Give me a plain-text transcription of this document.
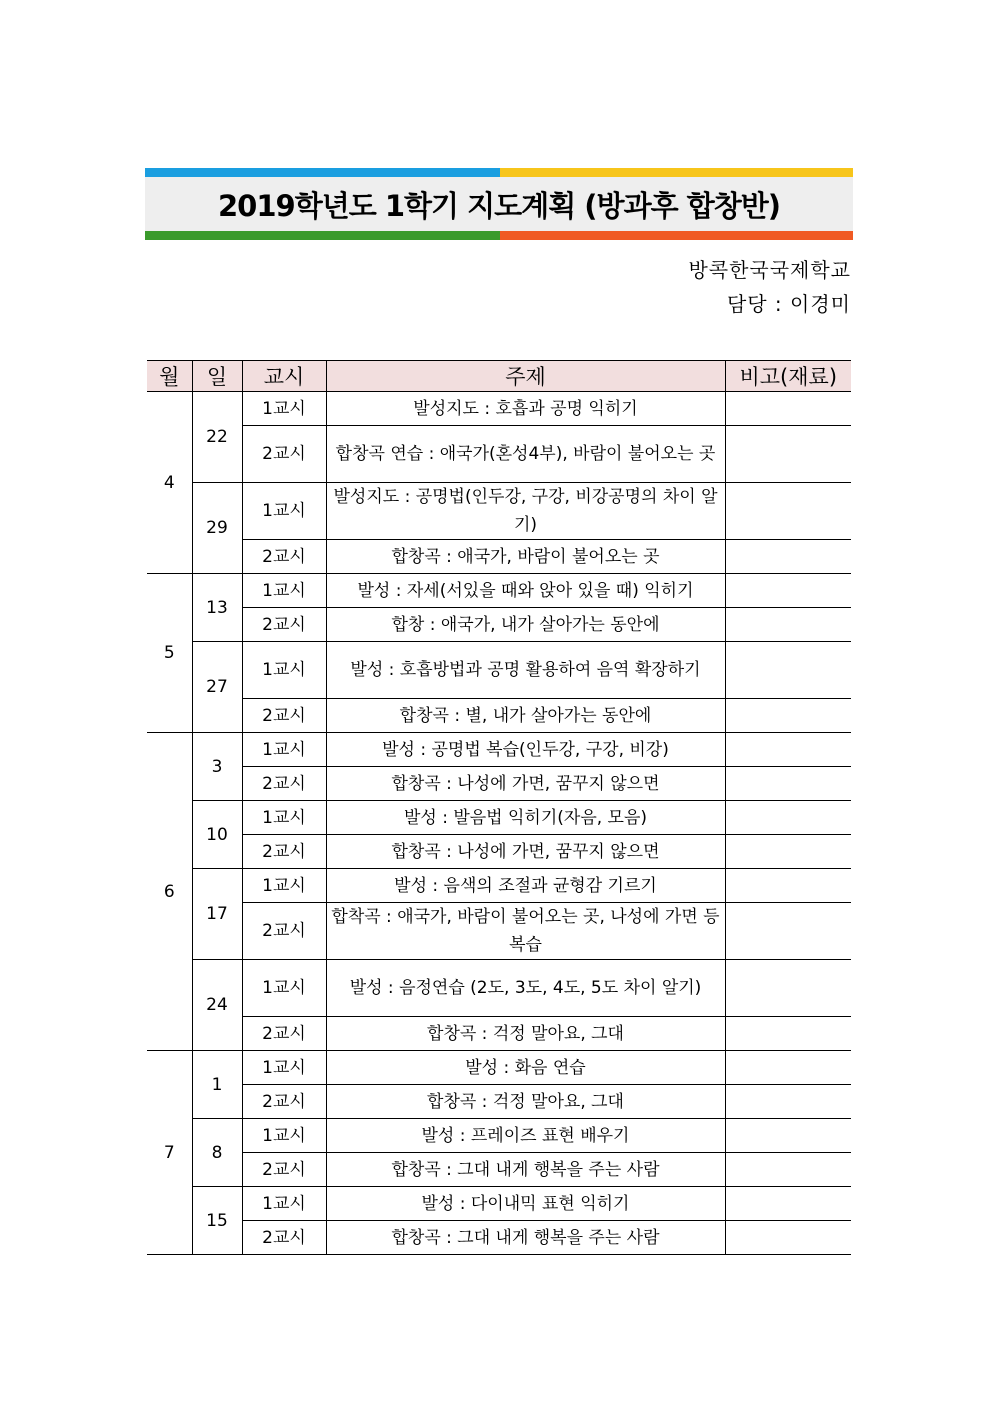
2019학년도 1학기 지도계획 (방과후 합창반)
방콕한국국제학교
담당 : 이경미
월	일	교시	주제	비고(재료)
4	22	1교시	발성지도 : 호흡과 공명 익히기	
		2교시	합창곡 연습 : 애국가(혼성4부), 바람이 불어오는 곳	
	29	1교시	발성지도 : 공명법(인두강, 구강, 비강공명의 차이 알기)	
		2교시	합창곡 : 애국가, 바람이 불어오는 곳	
5	13	1교시	발성 : 자세(서있을 때와 앉아 있을 때) 익히기	
		2교시	합창 : 애국가, 내가 살아가는 동안에	
	27	1교시	발성 : 호흡방법과 공명 활용하여 음역 확장하기	
		2교시	합창곡 : 별, 내가 살아가는 동안에	
6	3	1교시	발성 : 공명법 복습(인두강, 구강, 비강)	
		2교시	합창곡 : 나성에 가면, 꿈꾸지 않으면	
	10	1교시	발성 : 발음법 익히기(자음, 모음)	
		2교시	합창곡 : 나성에 가면, 꿈꾸지 않으면	
	17	1교시	발성 : 음색의 조절과 균형감 기르기	
		2교시	합착곡 : 애국가, 바람이 불어오는 곳, 나성에 가면 등 복습	
	24	1교시	발성 : 음정연습 (2도, 3도, 4도, 5도 차이 알기)	
		2교시	합창곡 : 걱정 말아요, 그대	
7	1	1교시	발성 : 화음 연습	
		2교시	합창곡 : 걱정 말아요, 그대	
	8	1교시	발성 : 프레이즈 표현 배우기	
		2교시	합창곡 : 그대 내게 행복을 주는 사람	
	15	1교시	발성 : 다이내믹 표현 익히기	
		2교시	합창곡 : 그대 내게 행복을 주는 사람	
